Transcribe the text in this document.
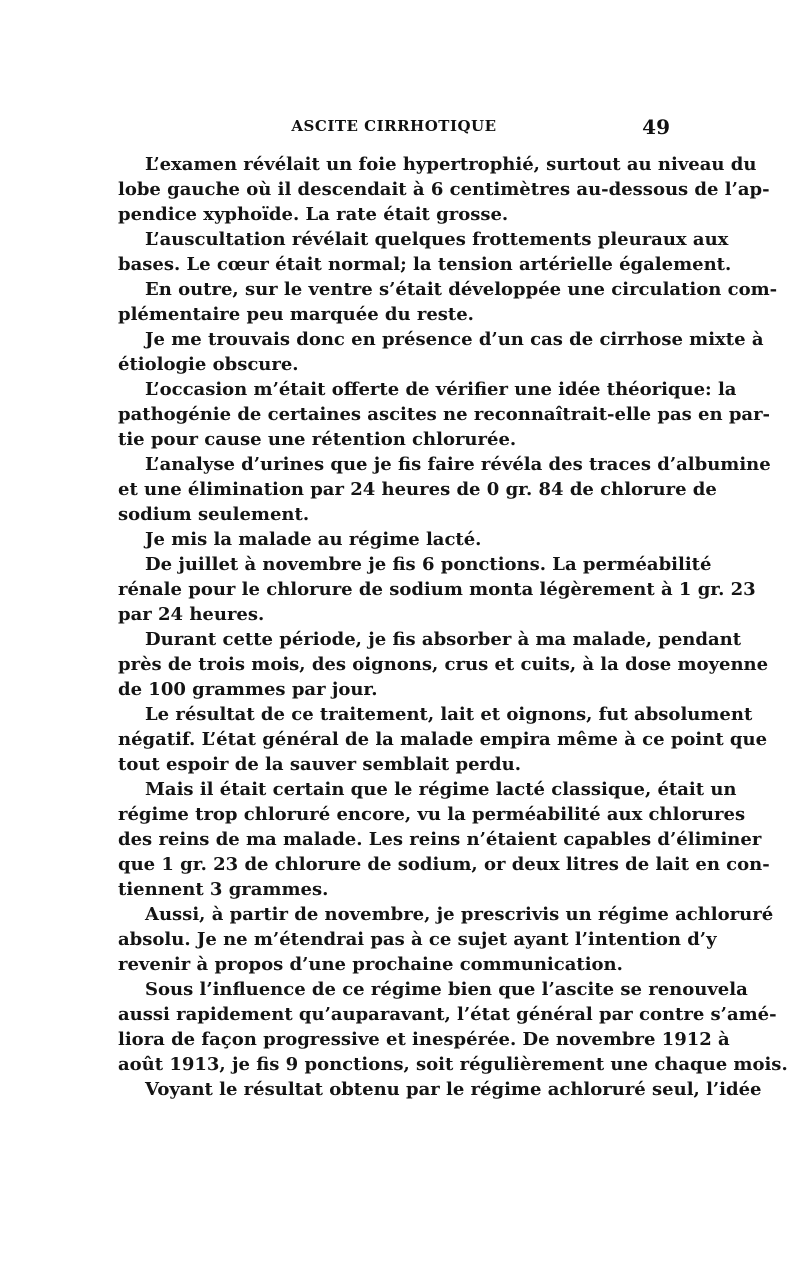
ASCITE CIRRHOTIQUE	49
L’examen révélait un foie hypertrophié, surtout au niveau du
lobe gauche où il descendait à 6 centimètres au-dessous de l’ap-
pendice xyphoïde. La rate était grosse.
L’auscultation révélait quelques frottements pleuraux aux
bases. Le cœur était normal; la tension artérielle également.
En outre, sur le ventre s’était développée une circulation com-
plémentaire peu marquée du reste.
Je me trouvais donc en présence d’un cas de cirrhose mixte à
étiologie obscure.
L’occasion m’était offerte de vérifier une idée théorique: la
pathogénie de certaines ascites ne reconnaîtrait-elle pas en par-
tie pour cause une rétention chlorurée.
L’analyse d’urines que je fis faire révéla des traces d’albumine
et une élimination par 24 heures de 0 gr. 84 de chlorure de
sodium seulement.
Je mis la malade au régime lacté.
De juillet à novembre je fis 6 ponctions. La perméabilité
rénale pour le chlorure de sodium monta légèrement à 1 gr. 23
par 24 heures.
Durant cette période, je fis absorber à ma malade, pendant
près de trois mois, des oignons, crus et cuits, à la dose moyenne
de 100 grammes par jour.
Le résultat de ce traitement, lait et oignons, fut absolument
négatif. L’état général de la malade empira même à ce point que
tout espoir de la sauver semblait perdu.
Mais il était certain que le régime lacté classique, était un
régime trop chloruré encore, vu la perméabilité aux chlorures
des reins de ma malade. Les reins n’étaient capables d’éliminer
que 1 gr. 23 de chlorure de sodium, or deux litres de lait en con-
tiennent 3 grammes.
Aussi, à partir de novembre, je prescrivis un régime achloruré
absolu. Je ne m’étendrai pas à ce sujet ayant l’intention d’y
revenir à propos d’une prochaine communication.
Sous l’influence de ce régime bien que l’ascite se renouvela
aussi rapidement qu’auparavant, l’état général par contre s’amé-
liora de façon progressive et inespérée. De novembre 1912 à
août 1913, je fis 9 ponctions, soit régulièrement une chaque mois.
Voyant le résultat obtenu par le régime achloruré seul, l’idée
